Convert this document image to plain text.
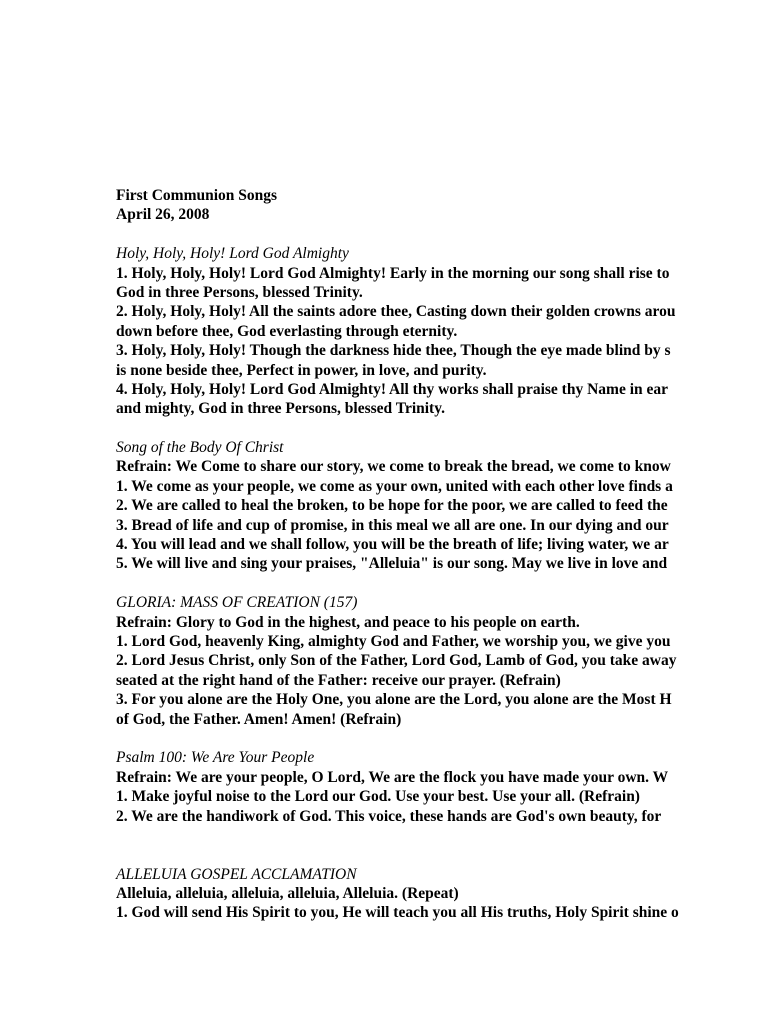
First Communion Songs
April 26, 2008
Holy, Holy, Holy! Lord God Almighty
1. Holy, Holy, Holy! Lord God Almighty! Early in the morning our song shall rise to
God in three Persons, blessed Trinity.
2. Holy, Holy, Holy! All the saints adore thee, Casting down their golden crowns arou
down before thee, God everlasting through eternity.
3. Holy, Holy, Holy! Though the darkness hide thee, Though the eye made blind by s
is none beside thee, Perfect in power, in love, and purity.
4. Holy, Holy, Holy! Lord God Almighty! All thy works shall praise thy Name in ear
and mighty, God in three Persons, blessed Trinity.
Song of the Body Of Christ
Refrain: We Come to share our story, we come to break the bread, we come to know
1. We come as your people, we come as your own, united with each other love finds a
2. We are called to heal the broken, to be hope for the poor, we are called to feed the
3. Bread of life and cup of promise, in this meal we all are one. In our dying and our
4. You will lead and we shall follow, you will be the breath of life; living water, we ar
5. We will live and sing your praises, "Alleluia" is our song. May we live in love and
GLORIA: MASS OF CREATION (157)
Refrain: Glory to God in the highest, and peace to his people on earth.
1. Lord God, heavenly King, almighty God and Father, we worship you, we give you
2. Lord Jesus Christ, only Son of the Father, Lord God, Lamb of God, you take away
seated at the right hand of the Father: receive our prayer. (Refrain)
3. For you alone are the Holy One, you alone are the Lord, you alone are the Most H
of God, the Father. Amen! Amen! (Refrain)
Psalm 100: We Are Your People
Refrain: We are your people, O Lord, We are the flock you have made your own. W
1. Make joyful noise to the Lord our God. Use your best. Use your all. (Refrain)
2. We are the handiwork of God. This voice, these hands are God's own beauty, for
ALLELUIA GOSPEL ACCLAMATION
Alleluia, alleluia, alleluia, alleluia, Alleluia. (Repeat)
1. God will send His Spirit to you, He will teach you all His truths, Holy Spirit shine o
